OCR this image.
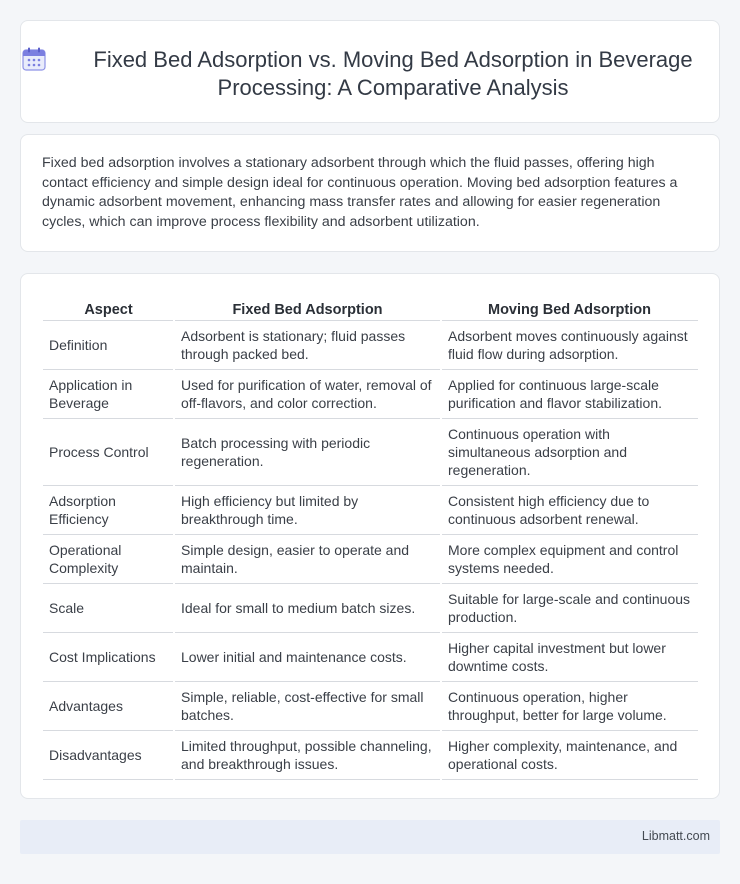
Fixed Bed Adsorption vs. Moving Bed Adsorption in Beverage Processing: A Comparative Analysis

Fixed bed adsorption involves a stationary adsorbent through which the fluid passes, offering high contact efficiency and simple design ideal for continuous operation. Moving bed adsorption features a dynamic adsorbent movement, enhancing mass transfer rates and allowing for easier regeneration cycles, which can improve process flexibility and adsorbent utilization.

Aspect	Fixed Bed Adsorption	Moving Bed Adsorption
Definition	Adsorbent is stationary; fluid passes through packed bed.	Adsorbent moves continuously against fluid flow during adsorption.
Application in Beverage	Used for purification of water, removal of off-flavors, and color correction.	Applied for continuous large-scale purification and flavor stabilization.
Process Control	Batch processing with periodic regeneration.	Continuous operation with simultaneous adsorption and regeneration.
Adsorption Efficiency	High efficiency but limited by breakthrough time.	Consistent high efficiency due to continuous adsorbent renewal.
Operational Complexity	Simple design, easier to operate and maintain.	More complex equipment and control systems needed.
Scale	Ideal for small to medium batch sizes.	Suitable for large-scale and continuous production.
Cost Implications	Lower initial and maintenance costs.	Higher capital investment but lower downtime costs.
Advantages	Simple, reliable, cost-effective for small batches.	Continuous operation, higher throughput, better for large volume.
Disadvantages	Limited throughput, possible channeling, and breakthrough issues.	Higher complexity, maintenance, and operational costs.
Libmatt.com
